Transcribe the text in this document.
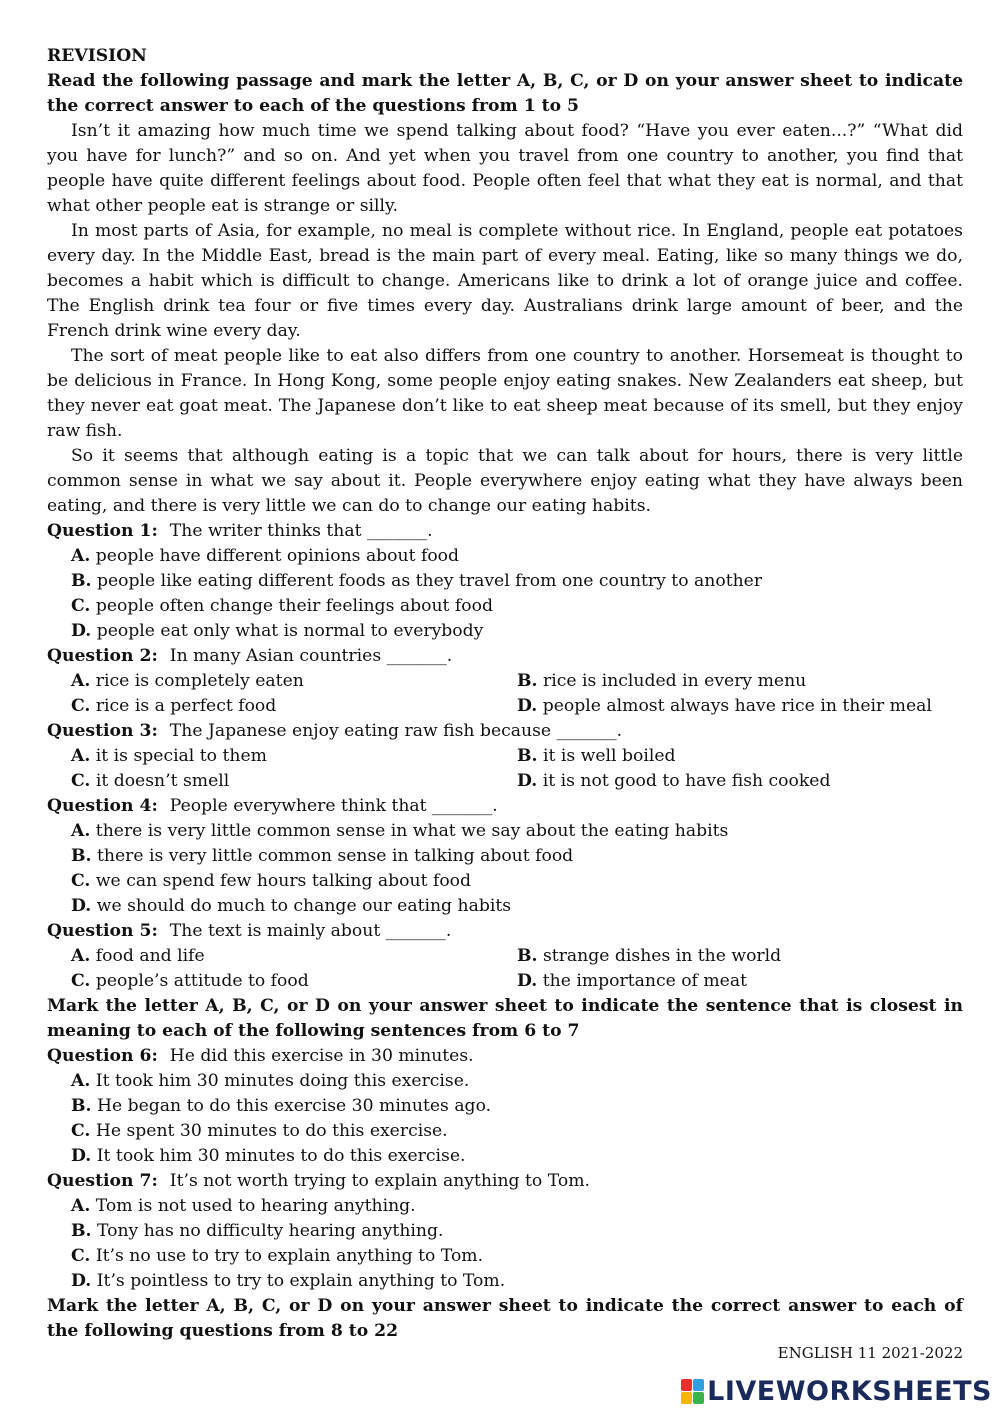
REVISION
Read the following passage and mark the letter A, B, C, or D on your answer sheet to indicate the correct answer to each of the questions from 1 to 5

Isn’t it amazing how much time we spend talking about food? “Have you ever eaten...?” “What did you have for lunch?” and so on. And yet when you travel from one country to another, you find that people have quite different feelings about food. People often feel that what they eat is normal, and that what other people eat is strange or silly.

In most parts of Asia, for example, no meal is complete without rice. In England, people eat potatoes every day. In the Middle East, bread is the main part of every meal. Eating, like so many things we do, becomes a habit which is difficult to change. Americans like to drink a lot of orange juice and coffee. The English drink tea four or five times every day. Australians drink large amount of beer, and the French drink wine every day.

The sort of meat people like to eat also differs from one country to another. Horsemeat is thought to be delicious in France. In Hong Kong, some people enjoy eating snakes. New Zealanders eat sheep, but they never eat goat meat. The Japanese don’t like to eat sheep meat because of its smell, but they enjoy raw fish.

So it seems that although eating is a topic that we can talk about for hours, there is very little common sense in what we say about it. People everywhere enjoy eating what they have always been eating, and there is very little we can do to change our eating habits.

Question 1: The writer thinks that _______.
A. people have different opinions about food
B. people like eating different foods as they travel from one country to another
C. people often change their feelings about food
D. people eat only what is normal to everybody
Question 2: In many Asian countries _______.
A. rice is completely eaten	B. rice is included in every menu
C. rice is a perfect food	D. people almost always have rice in their meal
Question 3: The Japanese enjoy eating raw fish because _______.
A. it is special to them	B. it is well boiled
C. it doesn’t smell	D. it is not good to have fish cooked
Question 4: People everywhere think that _______.
A. there is very little common sense in what we say about the eating habits
B. there is very little common sense in talking about food
C. we can spend few hours talking about food
D. we should do much to change our eating habits
Question 5: The text is mainly about _______.
A. food and life	B. strange dishes in the world
C. people’s attitude to food	D. the importance of meat
Mark the letter A, B, C, or D on your answer sheet to indicate the sentence that is closest in meaning to each of the following sentences from 6 to 7
Question 6: He did this exercise in 30 minutes.
A. It took him 30 minutes doing this exercise.
B. He began to do this exercise 30 minutes ago.
C. He spent 30 minutes to do this exercise.
D. It took him 30 minutes to do this exercise.
Question 7: It’s not worth trying to explain anything to Tom.
A. Tom is not used to hearing anything.
B. Tony has no difficulty hearing anything.
C. It’s no use to try to explain anything to Tom.
D. It’s pointless to try to explain anything to Tom.
Mark the letter A, B, C, or D on your answer sheet to indicate the correct answer to each of the following questions from 8 to 22
ENGLISH 11 2021-2022
LIVEWORKSHEETS
